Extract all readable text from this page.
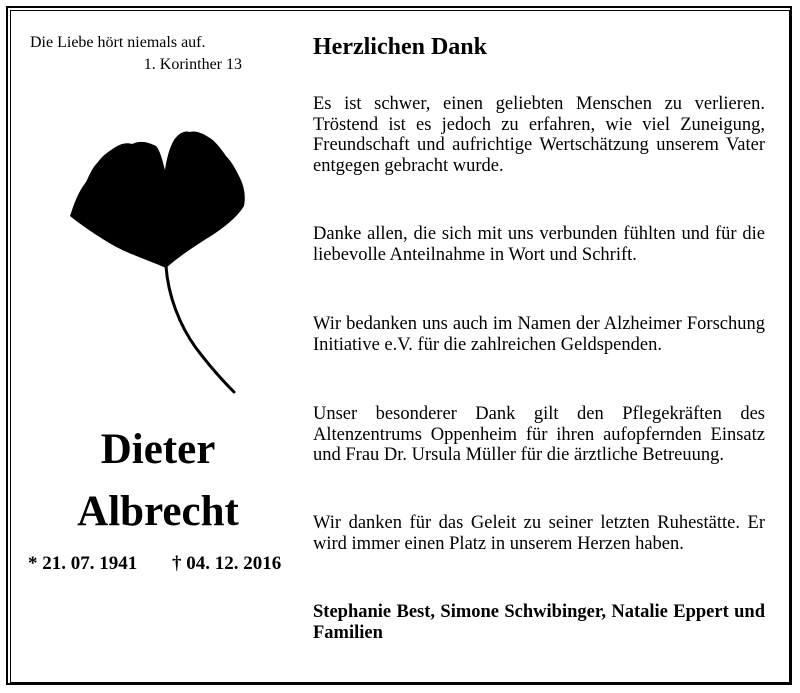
Die Liebe hört niemals auf.
1. Korinther 13
Dieter
Albrecht
* 21. 07. 1941 † 04. 12. 2016
Herzlichen Dank

Es ist schwer, einen geliebten Menschen zu verlieren. Tröstend ist es jedoch zu erfahren, wie viel Zuneigung, Freundschaft und aufrichtige Wertschätzung unserem Vater entgegen gebracht wurde.

Danke allen, die sich mit uns verbunden fühlten und für die liebevolle Anteilnahme in Wort und Schrift.

Wir bedanken uns auch im Namen der Alzheimer Forschung Initiative e.V. für die zahlreichen Geldspenden.

Unser besonderer Dank gilt den Pflegekräften des Altenzentrums Oppenheim für ihren aufopfernden Einsatz und Frau Dr. Ursula Müller für die ärztliche Betreuung.

Wir danken für das Geleit zu seiner letzten Ruhestätte. Er wird immer einen Platz in unserem Herzen haben.

Stephanie Best, Simone Schwibinger, Natalie Eppert und Familien
